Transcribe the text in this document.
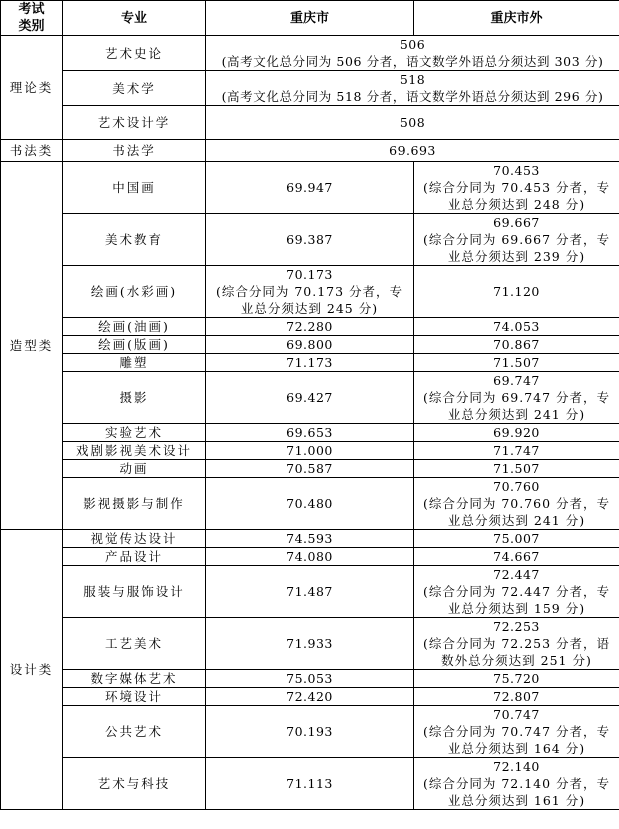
考试
类别	专业	重庆市	重庆市外
理论类	艺术史论	506
(高考文化总分同为 506 分者，语文数学外语总分须达到 303 分)	

	美术学	518
(高考文化总分同为 518 分者，语文数学外语总分须达到 296 分)	

	艺术设计学	508	
书法类	书法学	69.693	
造型类	中国画	69.947	70.453
(综合分同为 70.453 分者，专业总分须达到 248 分)

	美术教育	69.387	69.667
(综合分同为 69.667 分者，专业总分须达到 239 分)

	绘画(水彩画)	70.173
(综合分同为 70.173 分者，专业总分须达到 245 分)	71.120
	绘画(油画)	72.280	74.053
	绘画(版画)	69.800	70.867
	雕塑	71.173	71.507
	摄影	69.427	69.747
(综合分同为 69.747 分者，专业总分须达到 241 分)

	实验艺术	69.653	69.920
	戏剧影视美术设计	71.000	71.747
	动画	70.587	71.507
	影视摄影与制作	70.480	70.760
(综合分同为 70.760 分者，专业总分须达到 241 分)

设计类	视觉传达设计	74.593	75.007
	产品设计	74.080	74.667
	服装与服饰设计	71.487	72.447
(综合分同为 72.447 分者，专业总分须达到 159 分)

	工艺美术	71.933	72.253
(综合分同为 72.253 分者，语数外总分须达到 251 分)

	数字媒体艺术	75.053	75.720
	环境设计	72.420	72.807
	公共艺术	70.193	70.747
(综合分同为 70.747 分者，专业总分须达到 164 分)

	艺术与科技	71.113	72.140
(综合分同为 72.140 分者，专业总分须达到 161 分)
